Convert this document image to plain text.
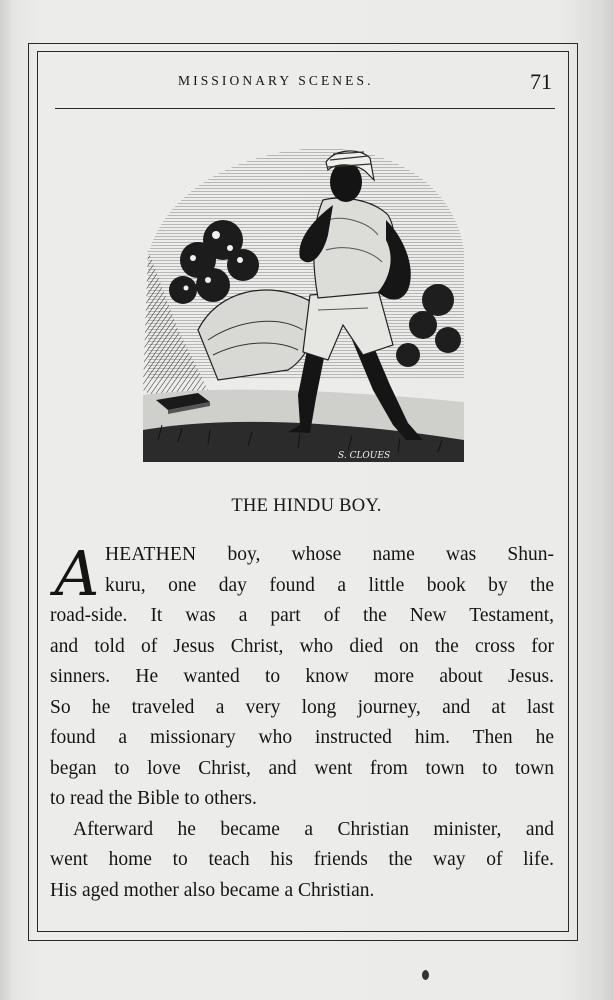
MISSIONARY SCENES.	71
S. CLOUES
THE HINDU BOY.
A HEATHEN boy, whose name was Shun-
kuru, one day found a little book by the
road-side. It was a part of the New Testament,
and told of Jesus Christ, who died on the cross for
sinners. He wanted to know more about Jesus.
So he traveled a very long journey, and at last
found a missionary who instructed him. Then he
began to love Christ, and went from town to town
to read the Bible to others.
Afterward he became a Christian minister, and
went home to teach his friends the way of life.
His aged mother also became a Christian.
